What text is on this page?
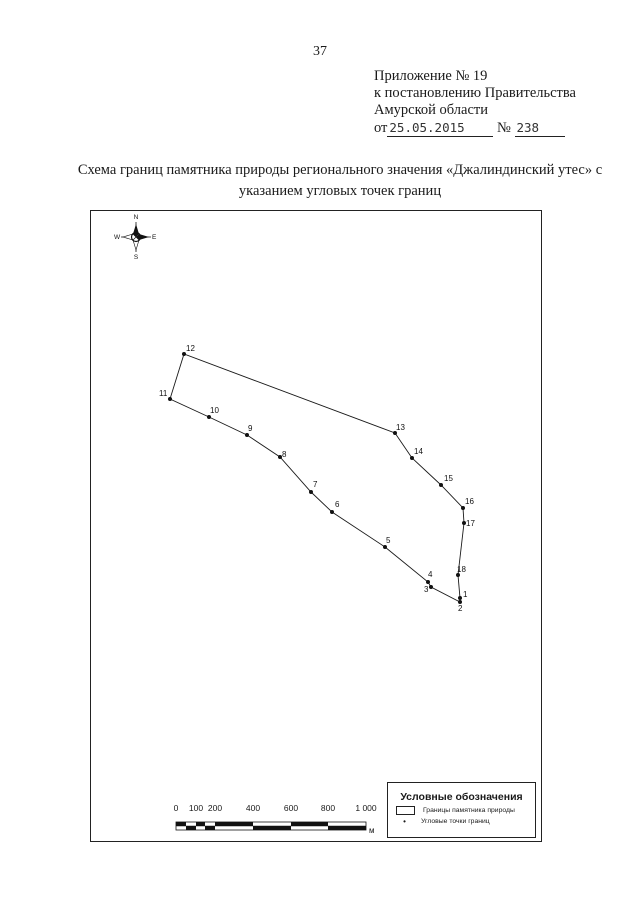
37
Приложение № 19
к постановлению Правительства
Амурской области
от 25.05.2015 № 238
Схема границ памятника природы регионального значения «Джалиндинский утес» с указанием угловых точек границ
N
S
W	E
1
2
3
4
5
6
7
8
9
10
11
12
13
14
15
16
17
18
м
0 100 200	400	600	800 1 000
Условные обозначения
Границы памятника природы
•	Угловые точки границ
